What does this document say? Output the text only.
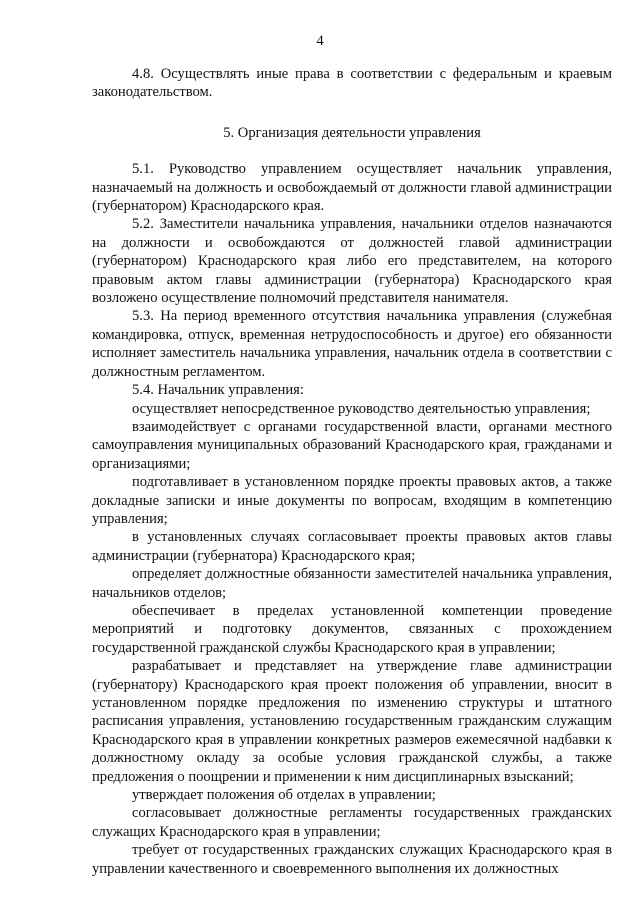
4

4.8. Осуществлять иные права в соответствии с федеральным и краевым законодательством.

5. Организация деятельности управления

5.1. Руководство управлением осуществляет начальник управления, назначаемый на должность и освобождаемый от должности главой администрации (губернатором) Краснодарского края.

5.2. Заместители начальника управления, начальники отделов назначаются на должности и освобождаются от должностей главой администрации (губернатором) Краснодарского края либо его представителем, на которого правовым актом главы администрации (губернатора) Краснодарского края возложено осуществление полномочий представителя нанимателя.

5.3. На период временного отсутствия начальника управления (служебная командировка, отпуск, временная нетрудоспособность и другое) его обязанности исполняет заместитель начальника управления, начальник отдела в соответствии с должностным регламентом.

5.4. Начальник управления:

осуществляет непосредственное руководство деятельностью управления;

взаимодействует с органами государственной власти, органами местного самоуправления муниципальных образований Краснодарского края, гражданами и организациями;

подготавливает в установленном порядке проекты правовых актов, а также докладные записки и иные документы по вопросам, входящим в компетенцию управления;

в установленных случаях согласовывает проекты правовых актов главы администрации (губернатора) Краснодарского края;

определяет должностные обязанности заместителей начальника управления, начальников отделов;

обеспечивает в пределах установленной компетенции проведение мероприятий и подготовку документов, связанных с прохождением государственной гражданской службы Краснодарского края в управлении;

разрабатывает и представляет на утверждение главе администрации (губернатору) Краснодарского края проект положения об управлении, вносит в установленном порядке предложения по изменению структуры и штатного расписания управления, установлению государственным гражданским служащим Краснодарского края в управлении конкретных размеров ежемесячной надбавки к должностному окладу за особые условия гражданской службы, а также предложения о поощрении и применении к ним дисциплинарных взысканий;

утверждает положения об отделах в управлении;

согласовывает должностные регламенты государственных гражданских служащих Краснодарского края в управлении;

требует от государственных гражданских служащих Краснодарского края в управлении качественного и своевременного выполнения их должностных
